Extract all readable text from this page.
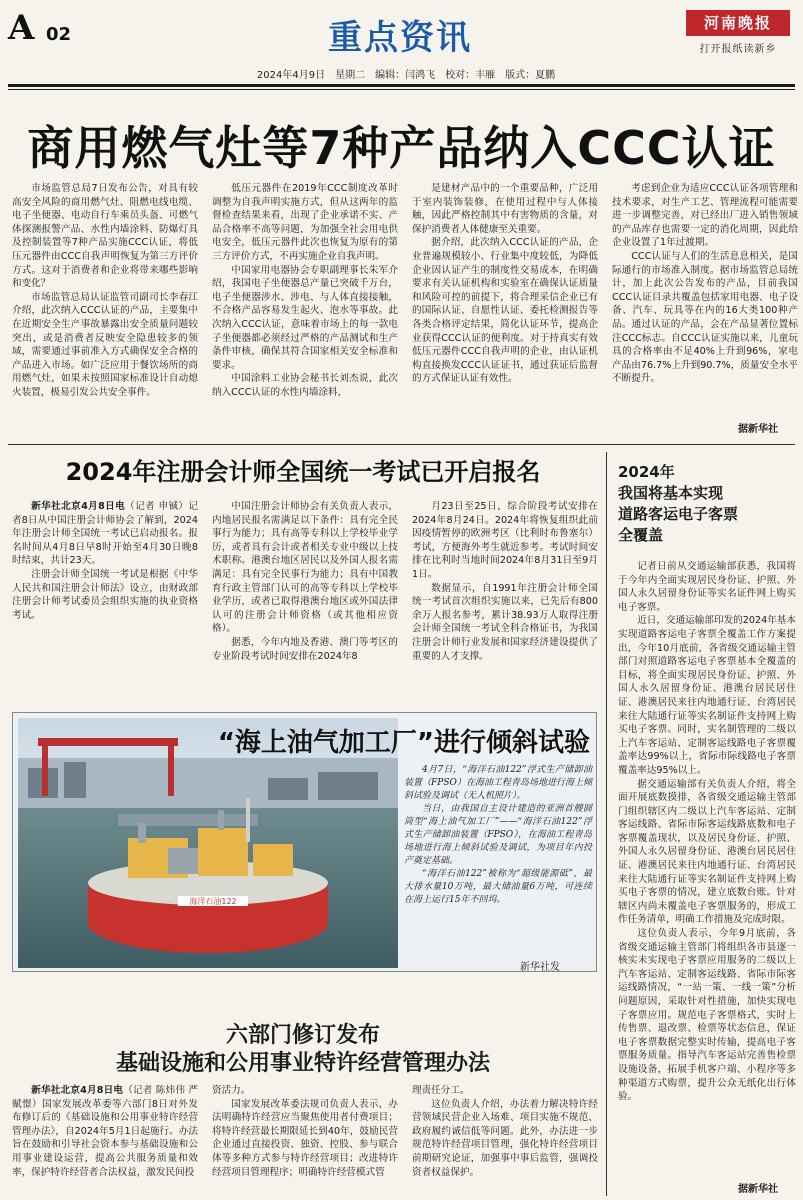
A 02	重点资讯	河南晚报
打开报纸读新乡
2024年4月9日　星期二　编辑：闫鸿飞　校对：丰雁　版式：夏鹏
商用燃气灶等7种产品纳入CCC认证

市场监管总局7日发布公告，对具有较高安全风险的商用燃气灶、阻燃电线电缆、电子坐便器、电动自行车乘员头盔、可燃气体探测报警产品、水性内墙涂料、防爆灯具及控制装置等7种产品实施CCC认证，将低压元器件由CCC自我声明恢复为第三方评价方式。这对于消费者和企业将带来哪些影响和变化？

市场监管总局认证监管司副司长李春江介绍，此次纳入CCC认证的产品，主要集中在近期安全生产事故暴露出安全质量问题较突出，或是消费者反映安全隐患较多的领域，需要通过事前准入方式确保安全合格的产品进入市场。如广泛应用于餐饮场所的商用燃气灶，如果未按照国家标准设计自动熄火装置，极易引发公共安全事件。

低压元器件在2019年CCC制度改革时调整为自我声明实施方式，但从这两年的监督检查结果来看，出现了企业承诺不实、产品合格率不高等问题，为加强全社会用电供电安全，低压元器件此次也恢复为原有的第三方评价方式，不再实施企业自我声明。

中国家用电器协会专职副理事长朱军介绍，我国电子坐便器总产量已突破千万台，电子坐便器涉水、涉电、与人体直接接触，不合格产品容易发生起火、泡水等事故。此次纳入CCC认证，意味着市场上的每一款电子坐便器都必须经过严格的产品测试和生产条件审核，确保其符合国家相关安全标准和要求。

中国涂料工业协会秘书长刘杰说，此次纳入CCC认证的水性内墙涂料，

是建材产品中的一个重要品种，广泛用于室内装饰装修，在使用过程中与人体接触，因此严格控制其中有害物质的含量，对保护消费者人体健康至关重要。

据介绍，此次纳入CCC认证的产品，企业普遍规模较小、行业集中度较低，为降低企业因认证产生的制度性交易成本，在明确要求有关认证机构和实验室在确保认证质量和风险可控的前提下，将合理采信企业已有的国际认证、自愿性认证、委托检测报告等各类合格评定结果，简化认证环节，提高企业获得CCC认证的便利度。对于持真实有效低压元器件CCC自我声明的企业，由认证机构直接换发CCC认证证书，通过获证后监督的方式保证认证有效性。

考虑到企业为适应CCC认证各项管理和技术要求，对生产工艺、管理流程可能需要进一步调整完善，对已经出厂进入销售领域的产品库存也需要一定的消化周期，因此给企业设置了1年过渡期。

CCC认证与人们的生活息息相关，是国际通行的市场准入制度。据市场监管总局统计，加上此次公告发布的产品，目前我国CCC认证目录共覆盖包括家用电器、电子设备、汽车、玩具等在内的16大类100种产品。通过认证的产品，会在产品显著位置标注CCC标志。自CCC认证实施以来，儿童玩具的合格率由不足40%上升到96%，家电产品由76.7%上升到90.7%，质量安全水平不断提升。

据新华社
2024年注册会计师全国统一考试已开启报名

新华社北京4月8日电（记者 申铖）记者8日从中国注册会计师协会了解到，2024年注册会计师全国统一考试已启动报名。报名时间从4月8日早8时开始至4月30日晚8时结束，共计23天。

注册会计师全国统一考试是根据《中华人民共和国注册会计师法》设立，由财政部注册会计师考试委员会组织实施的执业资格考试。

中国注册会计师协会有关负责人表示，内地居民报名需满足以下条件：具有完全民事行为能力；具有高等专科以上学校毕业学历，或者具有会计或者相关专业中级以上技术职称。港澳台地区居民以及外国人报名需满足：具有完全民事行为能力；具有中国教育行政主管部门认可的高等专科以上学校毕业学历，或者已取得港澳台地区或外国法律认可的注册会计师资格（或其他相应资格）。

据悉，今年内地及香港、澳门等考区的专业阶段考试时间安排在2024年8

月23日至25日，综合阶段考试安排在2024年8月24日。2024年将恢复组织此前因疫情暂停的欧洲考区（比利时布鲁塞尔）考试，方便海外考生就近参考。考试时间安排在比利时当地时间2024年8月31日至9月1日。

数据显示，自1991年注册会计师全国统一考试首次组织实施以来，已先后有800余万人报名参考，累计38.93万人取得注册会计师全国统一考试全科合格证书，为我国注册会计师行业发展和国家经济建设提供了重要的人才支撑。

海洋石油122
“海上油气加工厂”进行倾斜试验

4月7日，“海洋石油122”浮式生产储卸油装置（FPSO）在海油工程青岛场地进行海上倾斜试验及调试（无人机照片）。

当日，由我国自主设计建造的亚洲首艘圆筒型“海上油气加工厂”——“海洋石油122”浮式生产储卸油装置（FPSO），在海油工程青岛场地进行海上倾斜试验及调试，为项目年内投产奠定基础。

“海洋石油122”被称为“超级能源砥”，最大排水量10万吨，最大储油量6万吨，可连续在海上运行15年不回坞。

新华社发
六部门修订发布
基础设施和公用事业特许经营管理办法

新华社北京4月8日电（记者 陈炜伟 严赋憬）国家发展改革委等六部门8日对外发布修订后的《基础设施和公用事业特许经营管理办法》，自2024年5月1日起施行。办法旨在鼓励和引导社会资本参与基础设施和公用事业建设运营，提高公共服务质量和效率，保护特许经营者合法权益，激发民间投

资活力。

国家发展改革委法规司负责人表示，办法明确特许经营应当聚焦使用者付费项目；将特许经营最长期限延长到40年，鼓励民营企业通过直接投资、独资、控股、参与联合体等多种方式参与特许经营项目；改进特许经营项目管理程序；明确特许经营模式管

理责任分工。

这位负责人介绍，办法着力解决特许经营领域民营企业入场难、项目实施不规范、政府履约诚信低等问题。此外，办法进一步规范特许经营项目管理，强化特许经营项目前期研究论证，加强事中事后监管，强调投资者权益保护。

2024年
我国将基本实现
道路客运电子客票
全覆盖

记者日前从交通运输部获悉，我国将于今年内全面实现居民身份证、护照、外国人永久居留身份证等实名证件网上购买电子客票。

近日，交通运输部印发的2024年基本实现道路客运电子客票全覆盖工作方案提出，今年10月底前，各省级交通运输主管部门对照道路客运电子客票基本全覆盖的目标，将全面实现居民身份证、护照、外国人永久居留身份证、港澳台居民居住证、港澳居民来往内地通行证、台湾居民来往大陆通行证等实名制证件支持网上购买电子客票。同时，实名制管理的二级以上汽车客运站、定制客运线路电子客票覆盖率达99%以上，省际市际线路电子客票覆盖率达95%以上。

据交通运输部有关负责人介绍，将全面开展底数摸排，各省级交通运输主管部门组织辖区内二级以上汽车客运站、定制客运线路、省际市际客运线路底数和电子客票覆盖现状，以及居民身份证、护照、外国人永久居留身份证、港澳台居民居住证、港澳居民来往内地通行证、台湾居民来往大陆通行证等实名制证件支持网上购买电子客票的情况，建立底数台账。针对辖区内尚未覆盖电子客票服务的，形成工作任务清单，明确工作措施及完成时限。

这位负责人表示，今年9月底前，各省级交通运输主管部门将组织各市县逐一核实未实现电子客票应用服务的二级以上汽车客运站、定制客运线路、省际市际客运线路情况，“一站一策、一线一策”分析问题原因，采取针对性措施，加快实现电子客票应用。规范电子客票格式，实时上传售票、退改票、检票等状态信息，保证电子客票数据完整实时传输，提高电子客票服务质量。指导汽车客运站完善售检票设施设备，拓展手机客户端、小程序等多种渠道方式购票，提升公众无纸化出行体验。

据新华社
